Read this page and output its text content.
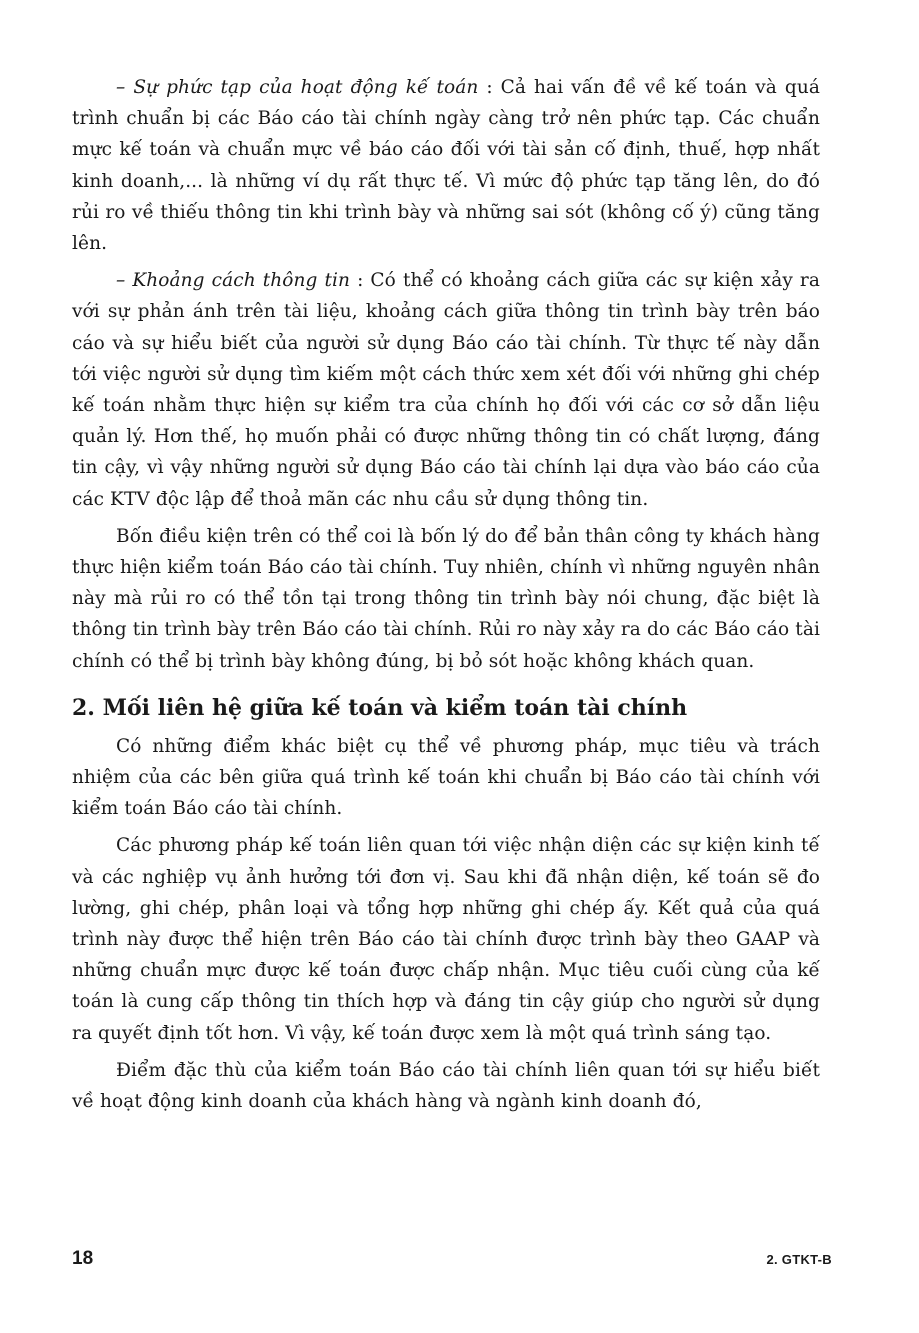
– Sự phức tạp của hoạt động kế toán : Cả hai vấn đề về kế toán và quá trình chuẩn bị các Báo cáo tài chính ngày càng trở nên phức tạp. Các chuẩn mực kế toán và chuẩn mực về báo cáo đối với tài sản cố định, thuế, hợp nhất kinh doanh,... là những ví dụ rất thực tế. Vì mức độ phức tạp tăng lên, do đó rủi ro về thiếu thông tin khi trình bày và những sai sót (không cố ý) cũng tăng lên.

– Khoảng cách thông tin : Có thể có khoảng cách giữa các sự kiện xảy ra với sự phản ánh trên tài liệu, khoảng cách giữa thông tin trình bày trên báo cáo và sự hiểu biết của người sử dụng Báo cáo tài chính. Từ thực tế này dẫn tới việc người sử dụng tìm kiếm một cách thức xem xét đối với những ghi chép kế toán nhằm thực hiện sự kiểm tra của chính họ đối với các cơ sở dẫn liệu quản lý. Hơn thế, họ muốn phải có được những thông tin có chất lượng, đáng tin cậy, vì vậy những người sử dụng Báo cáo tài chính lại dựa vào báo cáo của các KTV độc lập để thoả mãn các nhu cầu sử dụng thông tin.

Bốn điều kiện trên có thể coi là bốn lý do để bản thân công ty khách hàng thực hiện kiểm toán Báo cáo tài chính. Tuy nhiên, chính vì những nguyên nhân này mà rủi ro có thể tồn tại trong thông tin trình bày nói chung, đặc biệt là thông tin trình bày trên Báo cáo tài chính. Rủi ro này xảy ra do các Báo cáo tài chính có thể bị trình bày không đúng, bị bỏ sót hoặc không khách quan.

2. Mối liên hệ giữa kế toán và kiểm toán tài chính

Có những điểm khác biệt cụ thể về phương pháp, mục tiêu và trách nhiệm của các bên giữa quá trình kế toán khi chuẩn bị Báo cáo tài chính với kiểm toán Báo cáo tài chính.

Các phương pháp kế toán liên quan tới việc nhận diện các sự kiện kinh tế và các nghiệp vụ ảnh hưởng tới đơn vị. Sau khi đã nhận diện, kế toán sẽ đo lường, ghi chép, phân loại và tổng hợp những ghi chép ấy. Kết quả của quá trình này được thể hiện trên Báo cáo tài chính được trình bày theo GAAP và những chuẩn mực được kế toán được chấp nhận. Mục tiêu cuối cùng của kế toán là cung cấp thông tin thích hợp và đáng tin cậy giúp cho người sử dụng ra quyết định tốt hơn. Vì vậy, kế toán được xem là một quá trình sáng tạo.

Điểm đặc thù của kiểm toán Báo cáo tài chính liên quan tới sự hiểu biết về hoạt động kinh doanh của khách hàng và ngành kinh doanh đó,

18	2. GTKT-B
